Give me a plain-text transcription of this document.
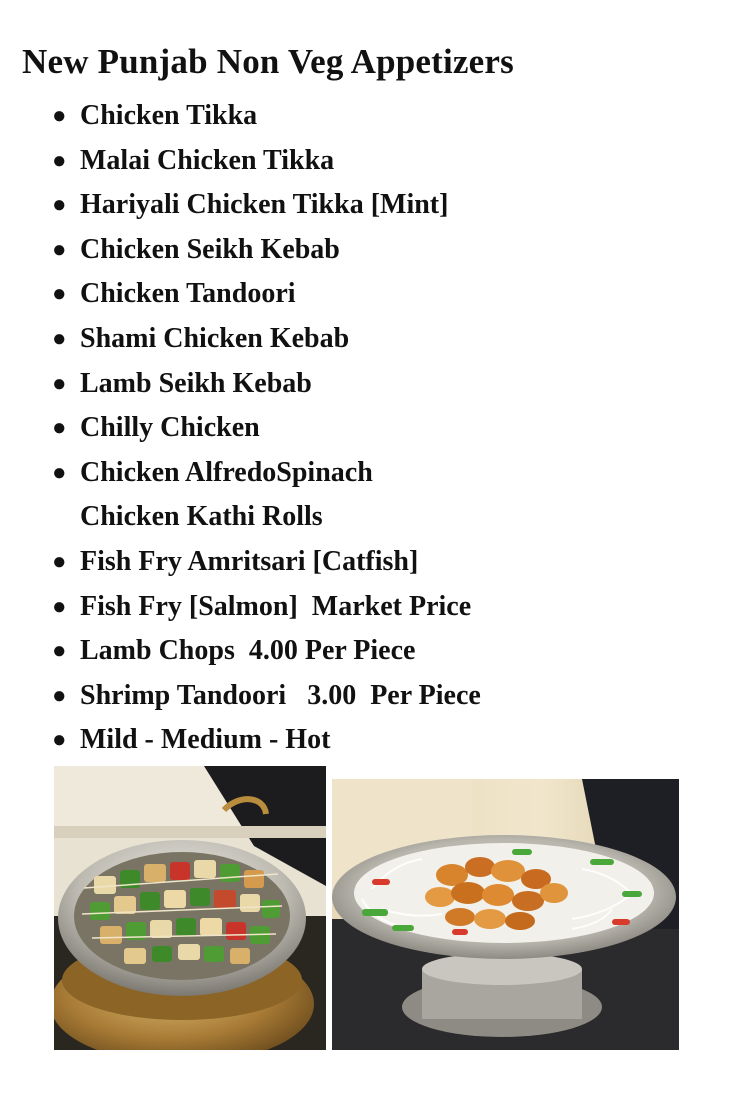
New Punjab Non Veg Appetizers
● Chicken Tikka
● Malai Chicken Tikka
● Hariyali Chicken Tikka [Mint]
● Chicken Seikh Kebab
● Chicken Tandoori
● Shami Chicken Kebab
● Lamb Seikh Kebab
● Chilly Chicken
● Chicken AlfredoSpinach
Chicken Kathi Rolls
● Fish Fry Amritsari [Catfish]
● Fish Fry [Salmon]  Market Price
● Lamb Chops  4.00 Per Piece
● Shrimp Tandoori   3.00  Per Piece
● Mild - Medium - Hot
